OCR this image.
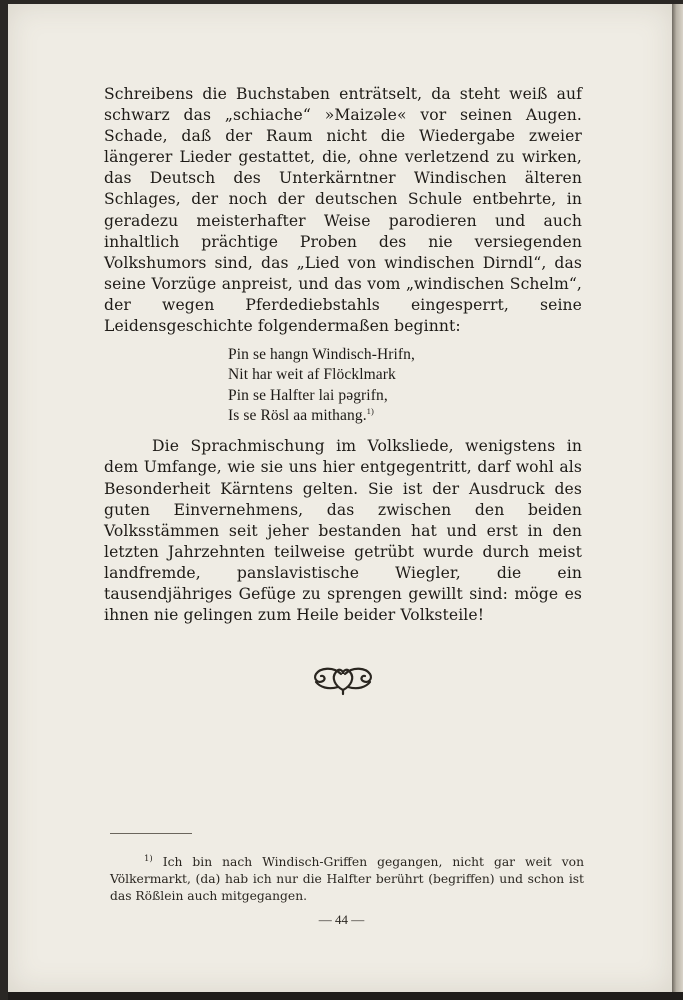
Schreibens die Buchstaben enträtselt, da steht weiß auf schwarz das „schiache“ »Maizəle« vor seinen Augen. Schade, daß der Raum nicht die Wiedergabe zweier längerer Lieder gestattet, die, ohne verletzend zu wirken, das Deutsch des Unterkärntner Windischen älteren Schlages, der noch der deutschen Schule entbehrte, in geradezu meisterhafter Weise parodieren und auch inhaltlich prächtige Proben des nie versiegenden Volkshumors sind, das „Lied von windischen Dirndl“, das seine Vorzüge anpreist, und das vom „windischen Schelm“, der wegen Pferdediebstahls eingesperrt, seine Leidensgeschichte folgendermaßen beginnt:

Pin se hangn Windisch-Hrifn,
Nit har weit af Flöcklmark
Pin se Halfter lai pəgrifn,
Is se Rösl aa mithang.$^{1)}$

Die Sprachmischung im Volksliede, wenigstens in dem Umfange, wie sie uns hier entgegentritt, darf wohl als Besonderheit Kärntens gelten. Sie ist der Ausdruck des guten Einvernehmens, das zwischen den beiden Volksstämmen seit jeher bestanden hat und erst in den letzten Jahrzehnten teilweise getrübt wurde durch meist landfremde, panslavistische Wiegler, die ein tausendjähriges Gefüge zu sprengen gewillt sind: möge es ihnen nie gelingen zum Heile beider Volksteile!

$^{1)}$ Ich bin nach Windisch-Griffen gegangen, nicht gar weit von Völkermarkt, (da) hab ich nur die Halfter berührt (begriffen) und schon ist das Rößlein auch mitgegangen.

— 44 —
